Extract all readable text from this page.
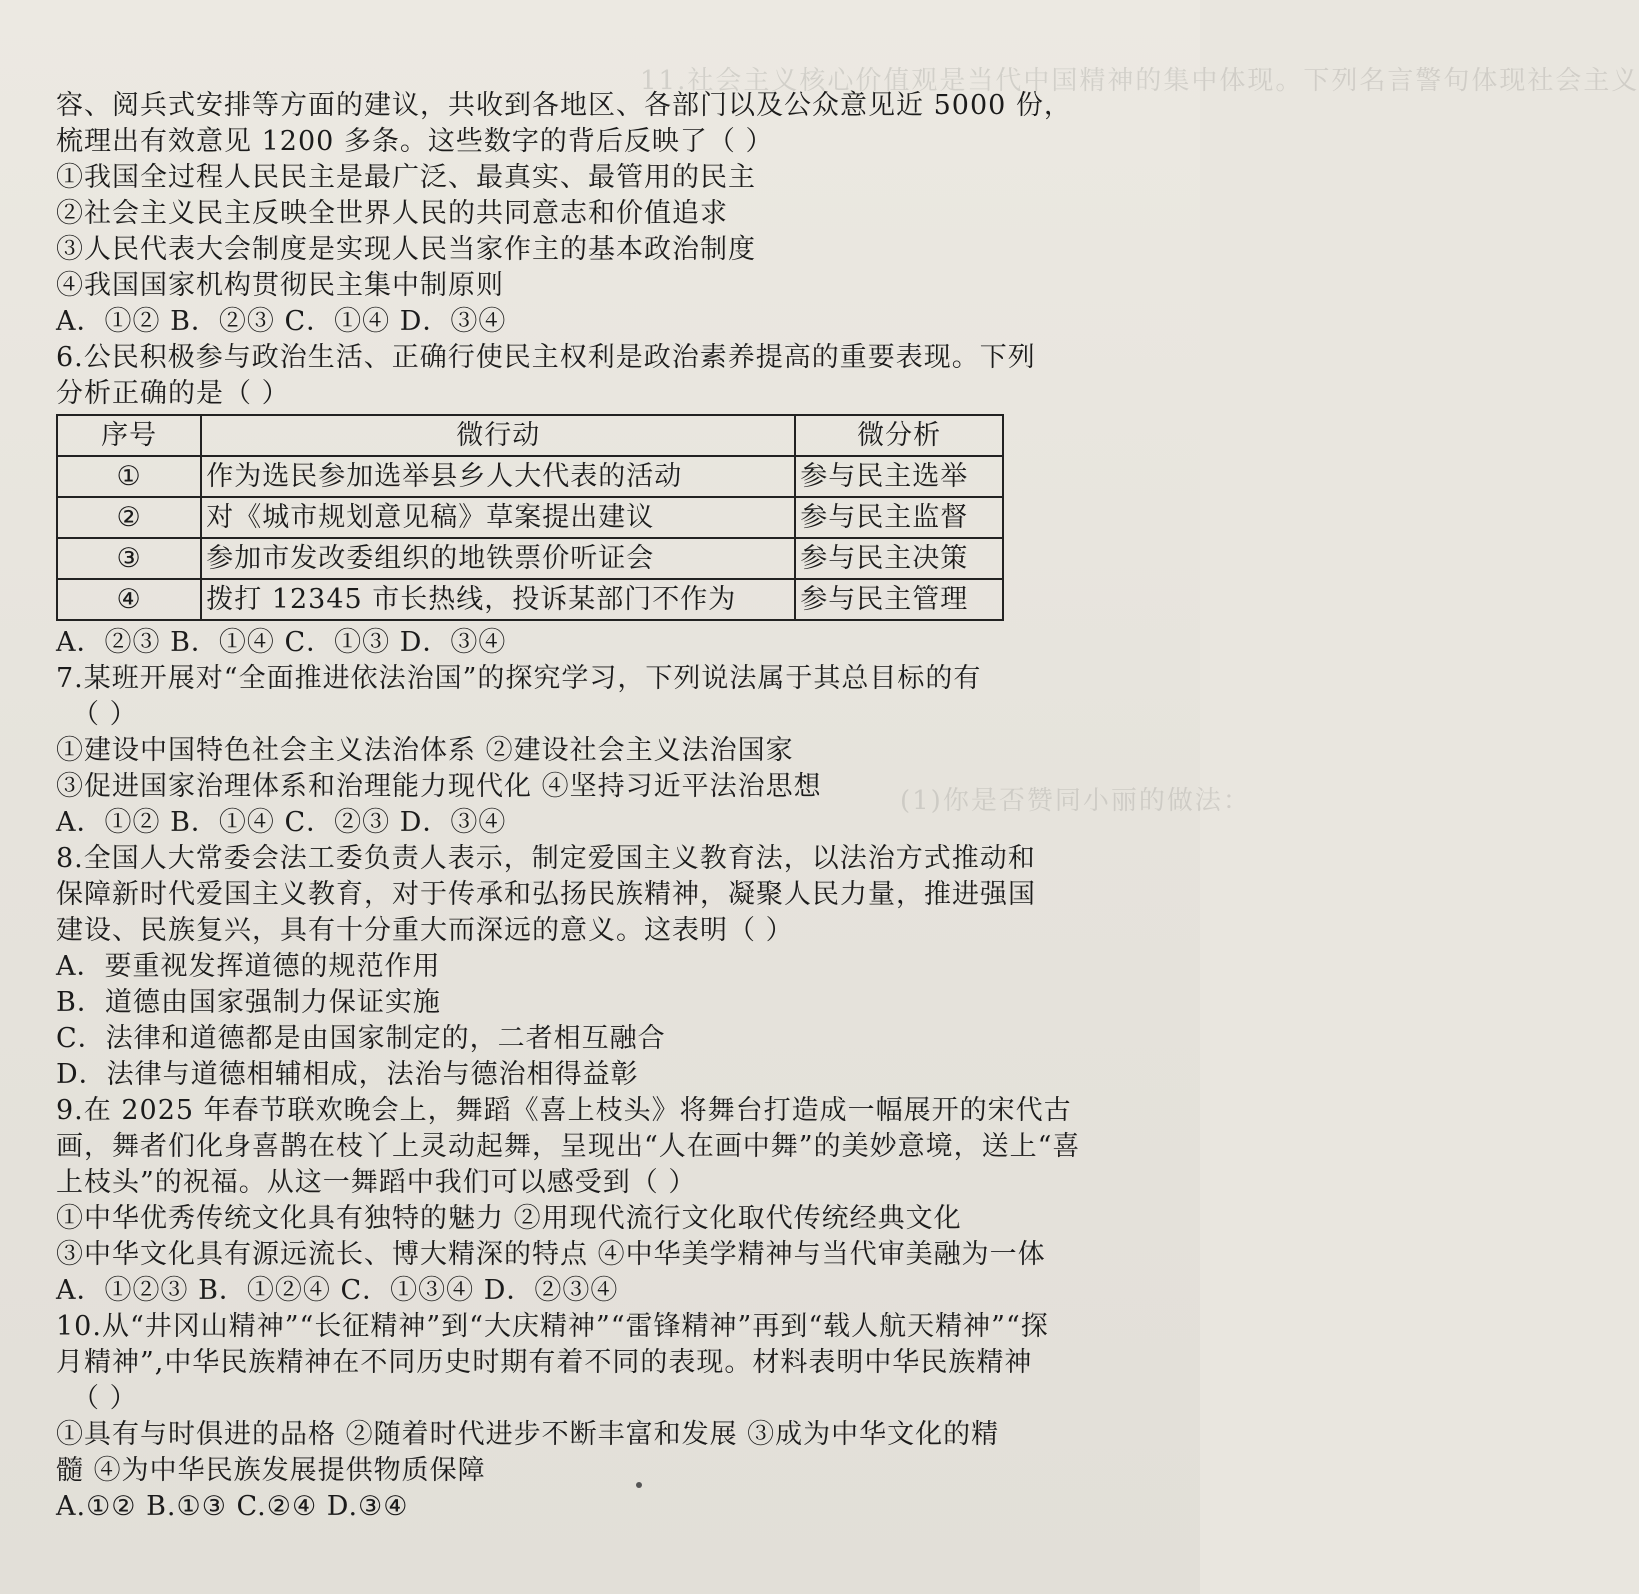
11.社会主义核心价值观是当代中国精神的集中体现。下列名言警句体现社会主义
(1)你是否赞同小丽的做法：
容、阅兵式安排等方面的建议，共收到各地区、各部门以及公众意见近 5000 份，
梳理出有效意见 1200 多条。这些数字的背后反映了（ ）
①我国全过程人民民主是最广泛、最真实、最管用的民主
②社会主义民主反映全世界人民的共同意志和价值追求
③人民代表大会制度是实现人民当家作主的基本政治制度
④我国国家机构贯彻民主集中制原则
A．①② B．②③ C．①④ D．③④
6.公民积极参与政治生活、正确行使民主权利是政治素养提高的重要表现。下列
分析正确的是（ ）
序号	微行动	微分析
①	作为选民参加选举县乡人大代表的活动	参与民主选举
②	对《城市规划意见稿》草案提出建议	参与民主监督
③	参加市发改委组织的地铁票价听证会	参与民主决策
④	拨打 12345 市长热线，投诉某部门不作为	参与民主管理
A．②③ B．①④ C．①③ D．③④
7.某班开展对“全面推进依法治国”的探究学习，下列说法属于其总目标的有
（ ）
①建设中国特色社会主义法治体系 ②建设社会主义法治国家
③促进国家治理体系和治理能力现代化 ④坚持习近平法治思想
A．①② B．①④ C．②③ D．③④
8.全国人大常委会法工委负责人表示，制定爱国主义教育法，以法治方式推动和
保障新时代爱国主义教育，对于传承和弘扬民族精神，凝聚人民力量，推进强国
建设、民族复兴，具有十分重大而深远的意义。这表明（ ）
A．要重视发挥道德的规范作用
B．道德由国家强制力保证实施
C．法律和道德都是由国家制定的，二者相互融合
D．法律与道德相辅相成，法治与德治相得益彰
9.在 2025 年春节联欢晚会上，舞蹈《喜上枝头》将舞台打造成一幅展开的宋代古
画，舞者们化身喜鹊在枝丫上灵动起舞，呈现出“人在画中舞”的美妙意境，送上“喜
上枝头”的祝福。从这一舞蹈中我们可以感受到（ ）
①中华优秀传统文化具有独特的魅力 ②用现代流行文化取代传统经典文化
③中华文化具有源远流长、博大精深的特点 ④中华美学精神与当代审美融为一体
A．①②③ B．①②④ C．①③④ D．②③④
10.从“井冈山精神”“长征精神”到“大庆精神”“雷锋精神”再到“载人航天精神”“探
月精神”,中华民族精神在不同历史时期有着不同的表现。材料表明中华民族精神
（ ）
①具有与时俱进的品格 ②随着时代进步不断丰富和发展 ③成为中华文化的精
髓 ④为中华民族发展提供物质保障
A.①② B.①③ C.②④ D.③④
